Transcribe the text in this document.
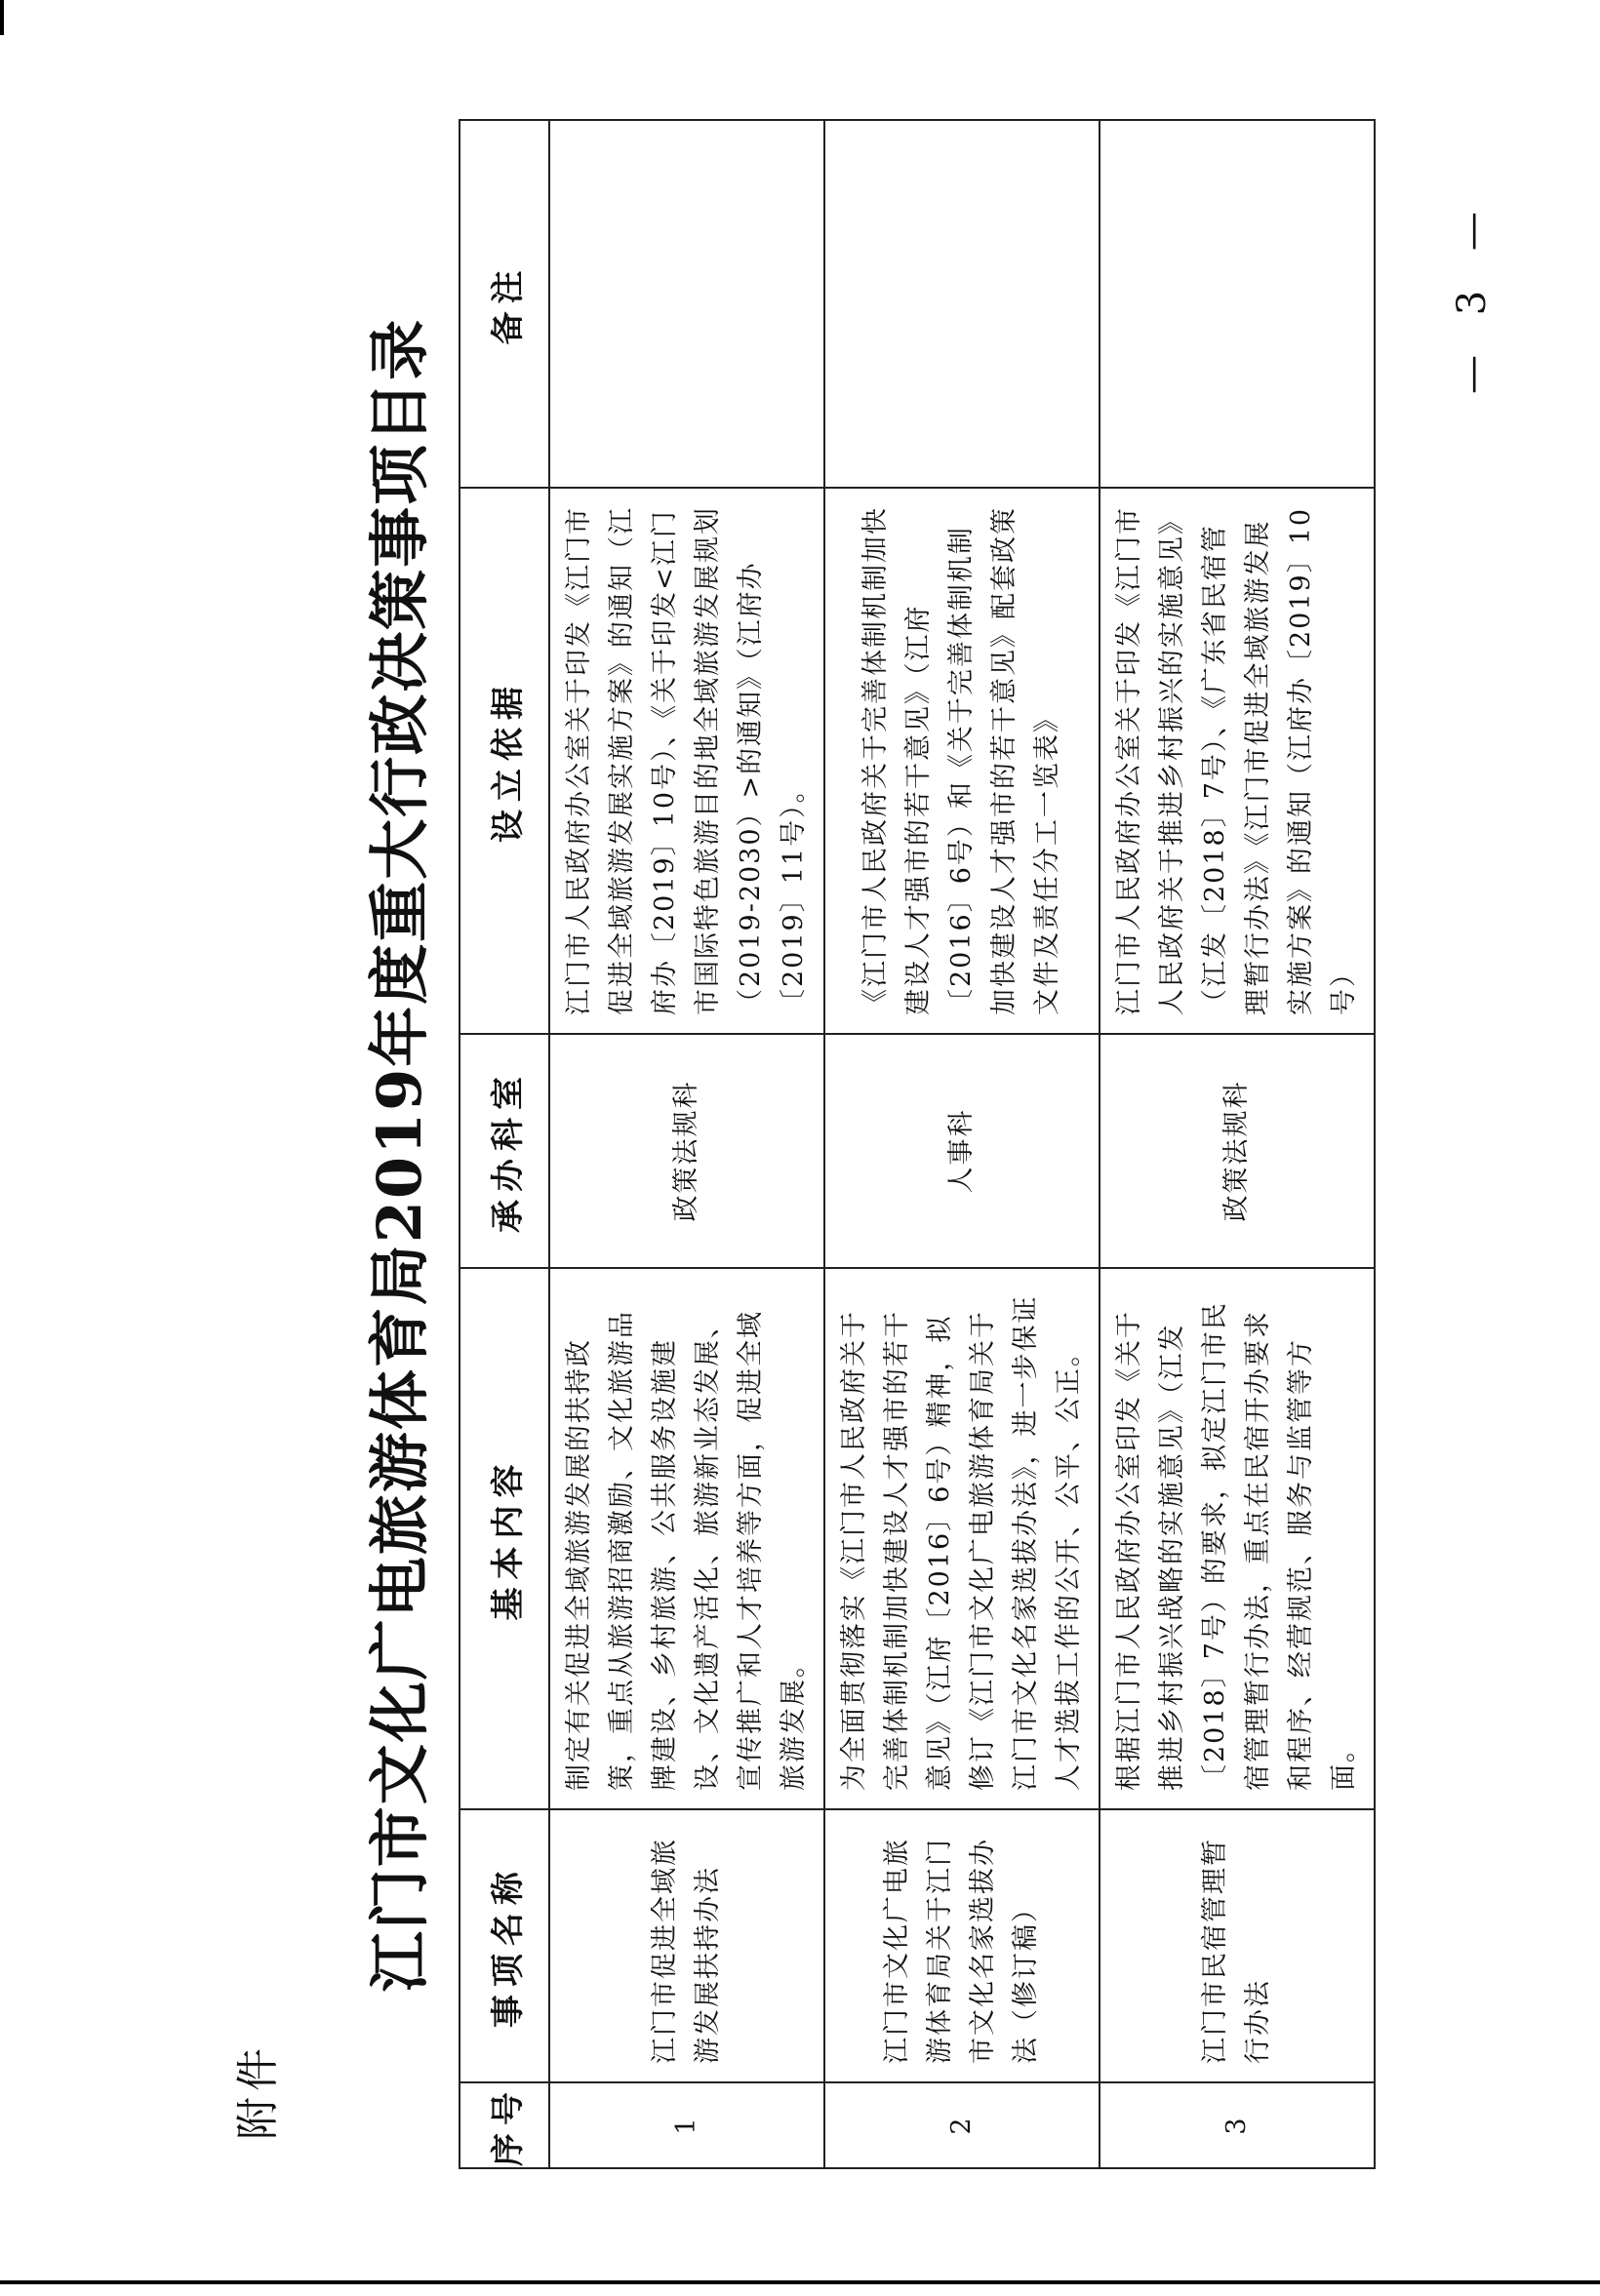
附件
江门市文化广电旅游体育局2019年度重大行政决策事项目录
序号	事项名称	基本内容	承办科室	设立依据	备注
1	江门市促进全域旅游发展扶持办法	制定有关促进全域旅游发展的扶持政策，重点从旅游招商激励、文化旅游品牌建设、乡村旅游、公共服务设施建设、文化遗产活化、旅游新业态发展、宣传推广和人才培养等方面，促进全域旅游发展。	政策法规科	江门市人民政府办公室关于印发《江门市促进全域旅游发展实施方案》的通知（江府办〔2019〕10号）、《关于印发<江门市国际特色旅游目的地全域旅游发展规划（2019-2030）>的通知》（江府办〔2019〕11号）。	
2	江门市文化广电旅游体育局关于江门市文化名家选拔办法（修订稿）	为全面贯彻落实《江门市人民政府关于完善体制机制加快建设人才强市的若干意见》（江府〔2016〕6号）精神，拟修订《江门市文化广电旅游体育局关于江门市文化名家选拔办法》，进一步保证人才选拔工作的公开、公平、公正。	人事科	《江门市人民政府关于完善体制机制加快建设人才强市的若干意见》（江府〔2016〕6号）和《关于完善体制机制加快建设人才强市的若干意见》配套政策文件及责任分工一览表》	
3	江门市民宿管理暂行办法	根据江门市人民政府办公室印发《关于推进乡村振兴战略的实施意见》（江发〔2018〕7号）的要求，拟定江门市民宿管理暂行办法，重点在民宿开办要求和程序、经营规范、服务与监管等方面。	政策法规科	江门市人民政府办公室关于印发《江门市人民政府关于推进乡村振兴的实施意见》（江发〔2018〕7号）、《广东省民宿管理暂行办法》《江门市促进全域旅游发展实施方案》的通知（江府办〔2019〕10号）	
— 3 —
